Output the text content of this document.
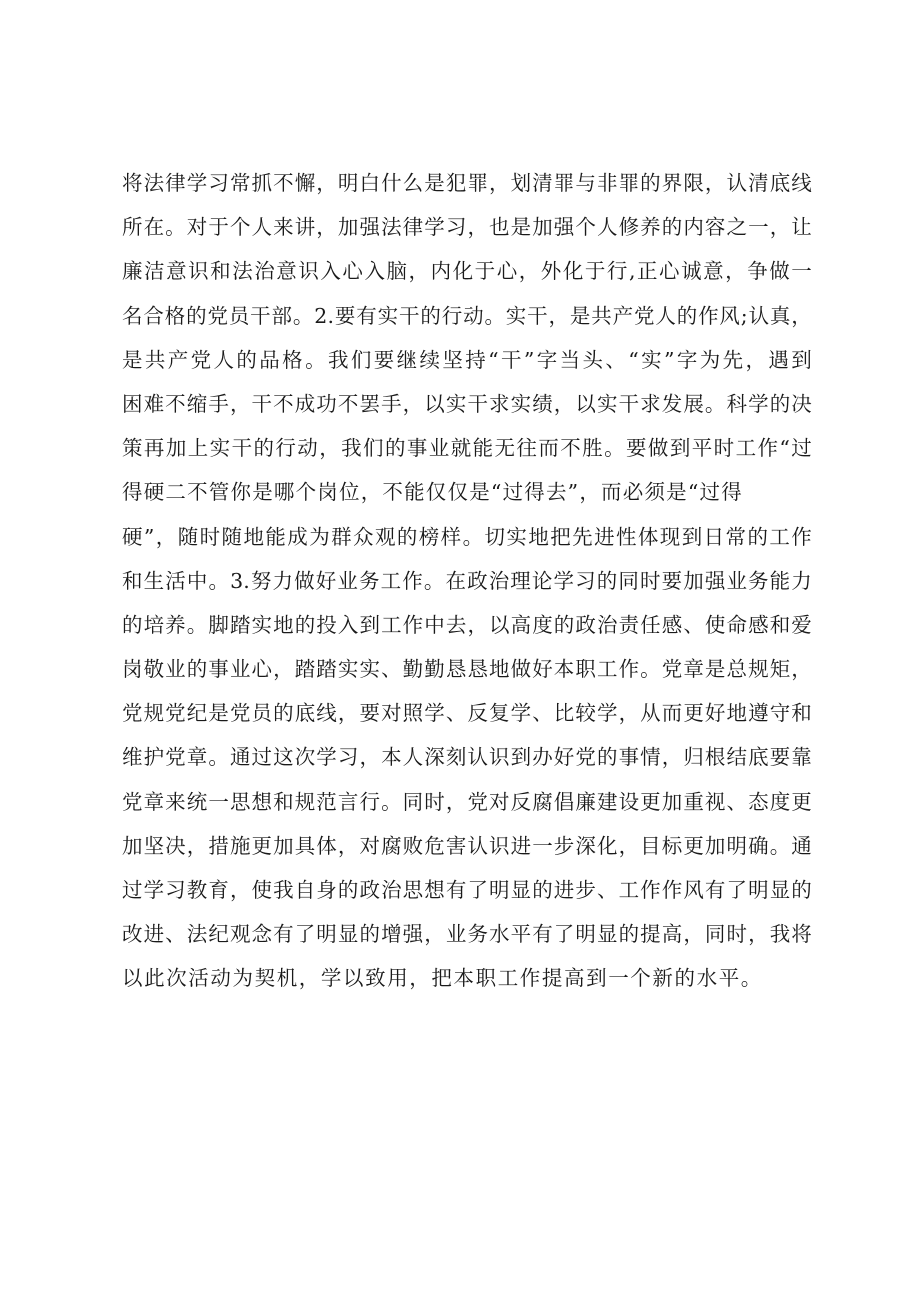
将法律学习常抓不懈，明白什么是犯罪，划清罪与非罪的界限，认清底线
所在。对于个人来讲，加强法律学习，也是加强个人修养的内容之一，让
廉洁意识和法治意识入心入脑，内化于心，外化于行,正心诚意，争做一
名合格的党员干部。2.要有实干的行动。实干，是共产党人的作风;认真，
是共产党人的品格。我们要继续坚持“干”字当头、“实”字为先，遇到
困难不缩手，干不成功不罢手，以实干求实绩，以实干求发展。科学的决
策再加上实干的行动，我们的事业就能无往而不胜。要做到平时工作“过
得硬二不管你是哪个岗位，不能仅仅是“过得去”，而必须是“过得
硬”，随时随地能成为群众观的榜样。切实地把先进性体现到日常的工作
和生活中。3.努力做好业务工作。在政治理论学习的同时要加强业务能力
的培养。脚踏实地的投入到工作中去，以高度的政治责任感、使命感和爱
岗敬业的事业心，踏踏实实、勤勤恳恳地做好本职工作。党章是总规矩，
党规党纪是党员的底线，要对照学、反复学、比较学，从而更好地遵守和
维护党章。通过这次学习，本人深刻认识到办好党的事情，归根结底要靠
党章来统一思想和规范言行。同时，党对反腐倡廉建设更加重视、态度更
加坚决，措施更加具体，对腐败危害认识进一步深化，目标更加明确。通
过学习教育，使我自身的政治思想有了明显的进步、工作作风有了明显的
改进、法纪观念有了明显的增强，业务水平有了明显的提高，同时，我将
以此次活动为契机，学以致用，把本职工作提高到一个新的水平。
